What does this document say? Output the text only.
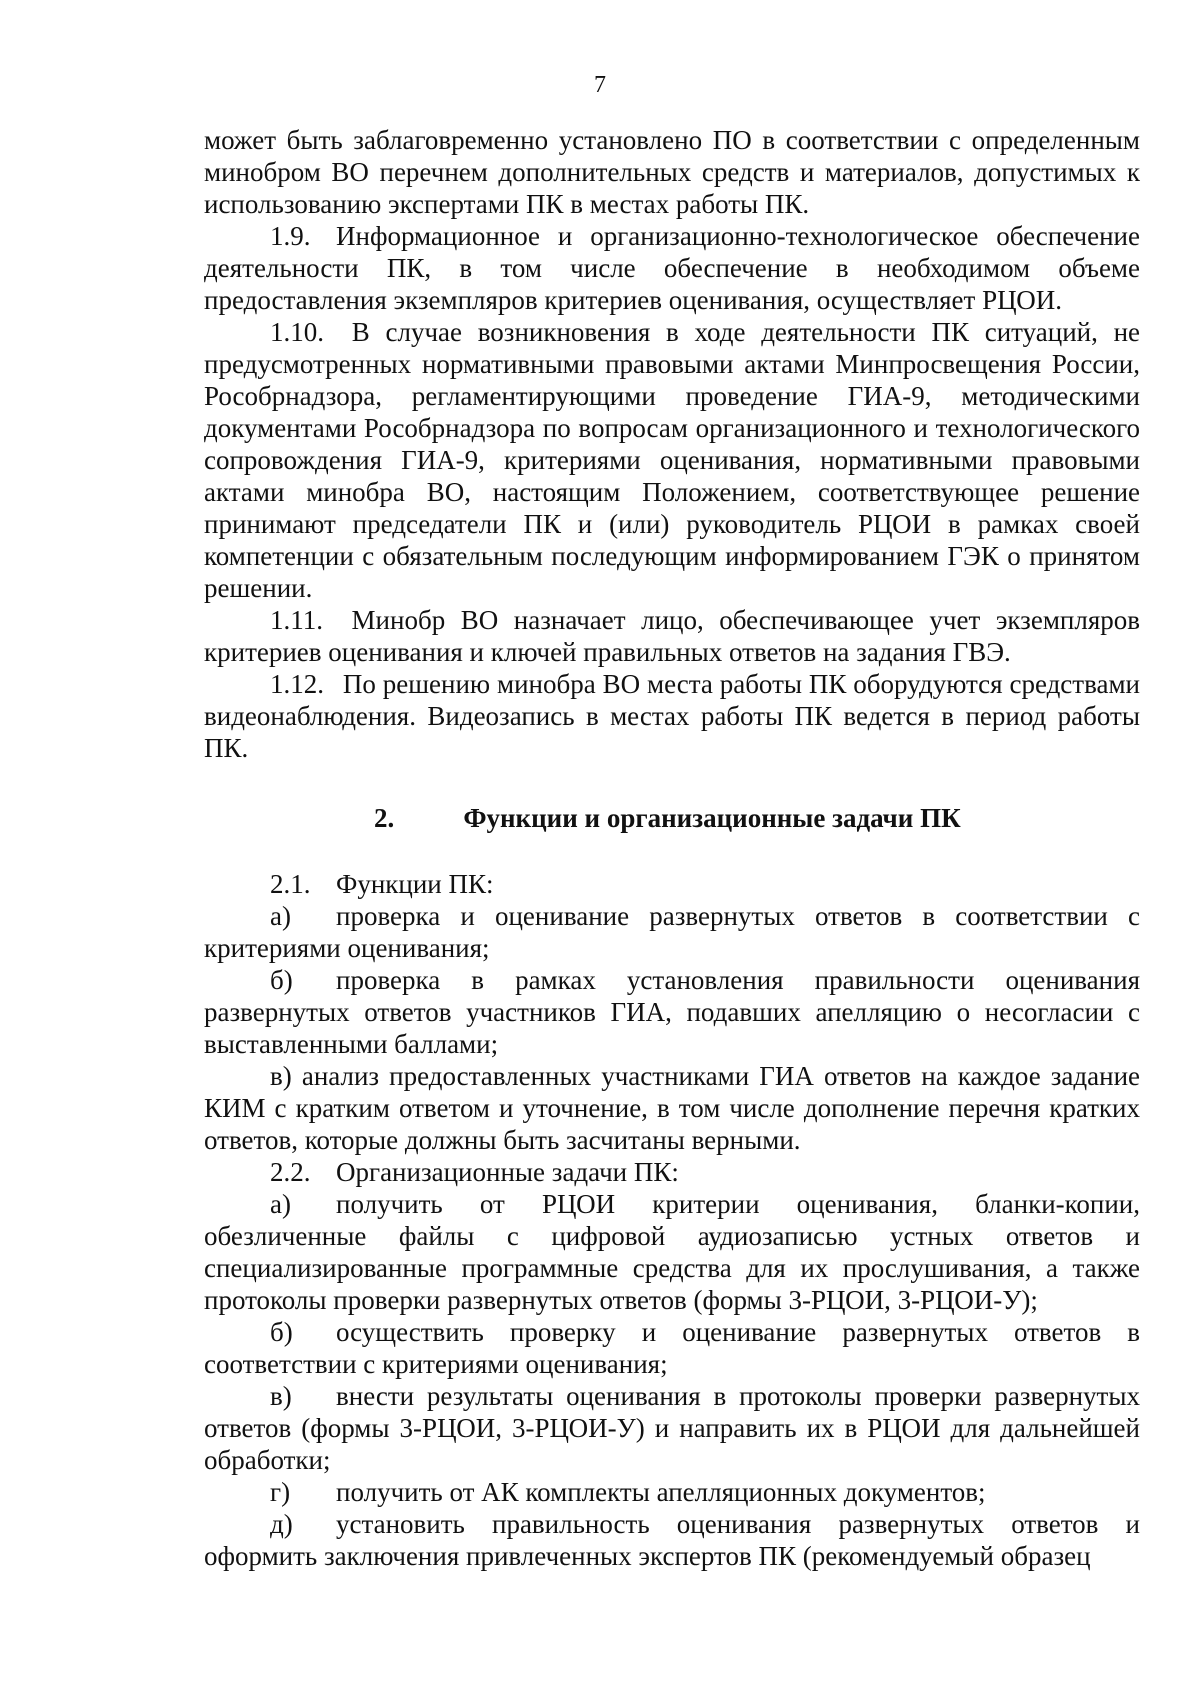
7

может быть заблаговременно установлено ПО в соответствии с определенным минобром ВО перечнем дополнительных средств и материалов, допустимых к использованию экспертами ПК в местах работы ПК.

1.9. Информационное и организационно-технологическое обеспечение деятельности ПК, в том числе обеспечение в необходимом объеме предоставления экземпляров критериев оценивания, осуществляет РЦОИ.

1.10. В случае возникновения в ходе деятельности ПК ситуаций, не предусмотренных нормативными правовыми актами Минпросвещения России, Рособрнадзора, регламентирующими проведение ГИА-9, методическими документами Рособрнадзора по вопросам организационного и технологического сопровождения ГИА-9, критериями оценивания, нормативными правовыми актами минобра ВО, настоящим Положением, соответствующее решение принимают председатели ПК и (или) руководитель РЦОИ в рамках своей компетенции с обязательным последующим информированием ГЭК о принятом решении.

1.11. Минобр ВО назначает лицо, обеспечивающее учет экземпляров критериев оценивания и ключей правильных ответов на задания ГВЭ.

1.12. По решению минобра ВО места работы ПК оборудуются средствами видеонаблюдения. Видеозапись в местах работы ПК ведется в период работы ПК.

2.	Функции и организационные задачи ПК

2.1. Функции ПК:

а) проверка и оценивание развернутых ответов в соответствии с критериями оценивания;

б) проверка в рамках установления правильности оценивания развернутых ответов участников ГИА, подавших апелляцию о несогласии с выставленными баллами;

в) анализ предоставленных участниками ГИА ответов на каждое задание КИМ с кратким ответом и уточнение, в том числе дополнение перечня кратких ответов, которые должны быть засчитаны верными.

2.2. Организационные задачи ПК:

а) получить от РЦОИ критерии оценивания, бланки-копии, обезличенные файлы с цифровой аудиозаписью устных ответов и специализированные программные средства для их прослушивания, а также протоколы проверки развернутых ответов (формы 3-РЦОИ, 3-РЦОИ-У);

б) осуществить проверку и оценивание развернутых ответов в соответствии с критериями оценивания;

в) внести результаты оценивания в протоколы проверки развернутых ответов (формы 3-РЦОИ, 3-РЦОИ-У) и направить их в РЦОИ для дальнейшей обработки;

г) получить от АК комплекты апелляционных документов;

д) установить правильность оценивания развернутых ответов и оформить заключения привлеченных экспертов ПК (рекомендуемый образец
